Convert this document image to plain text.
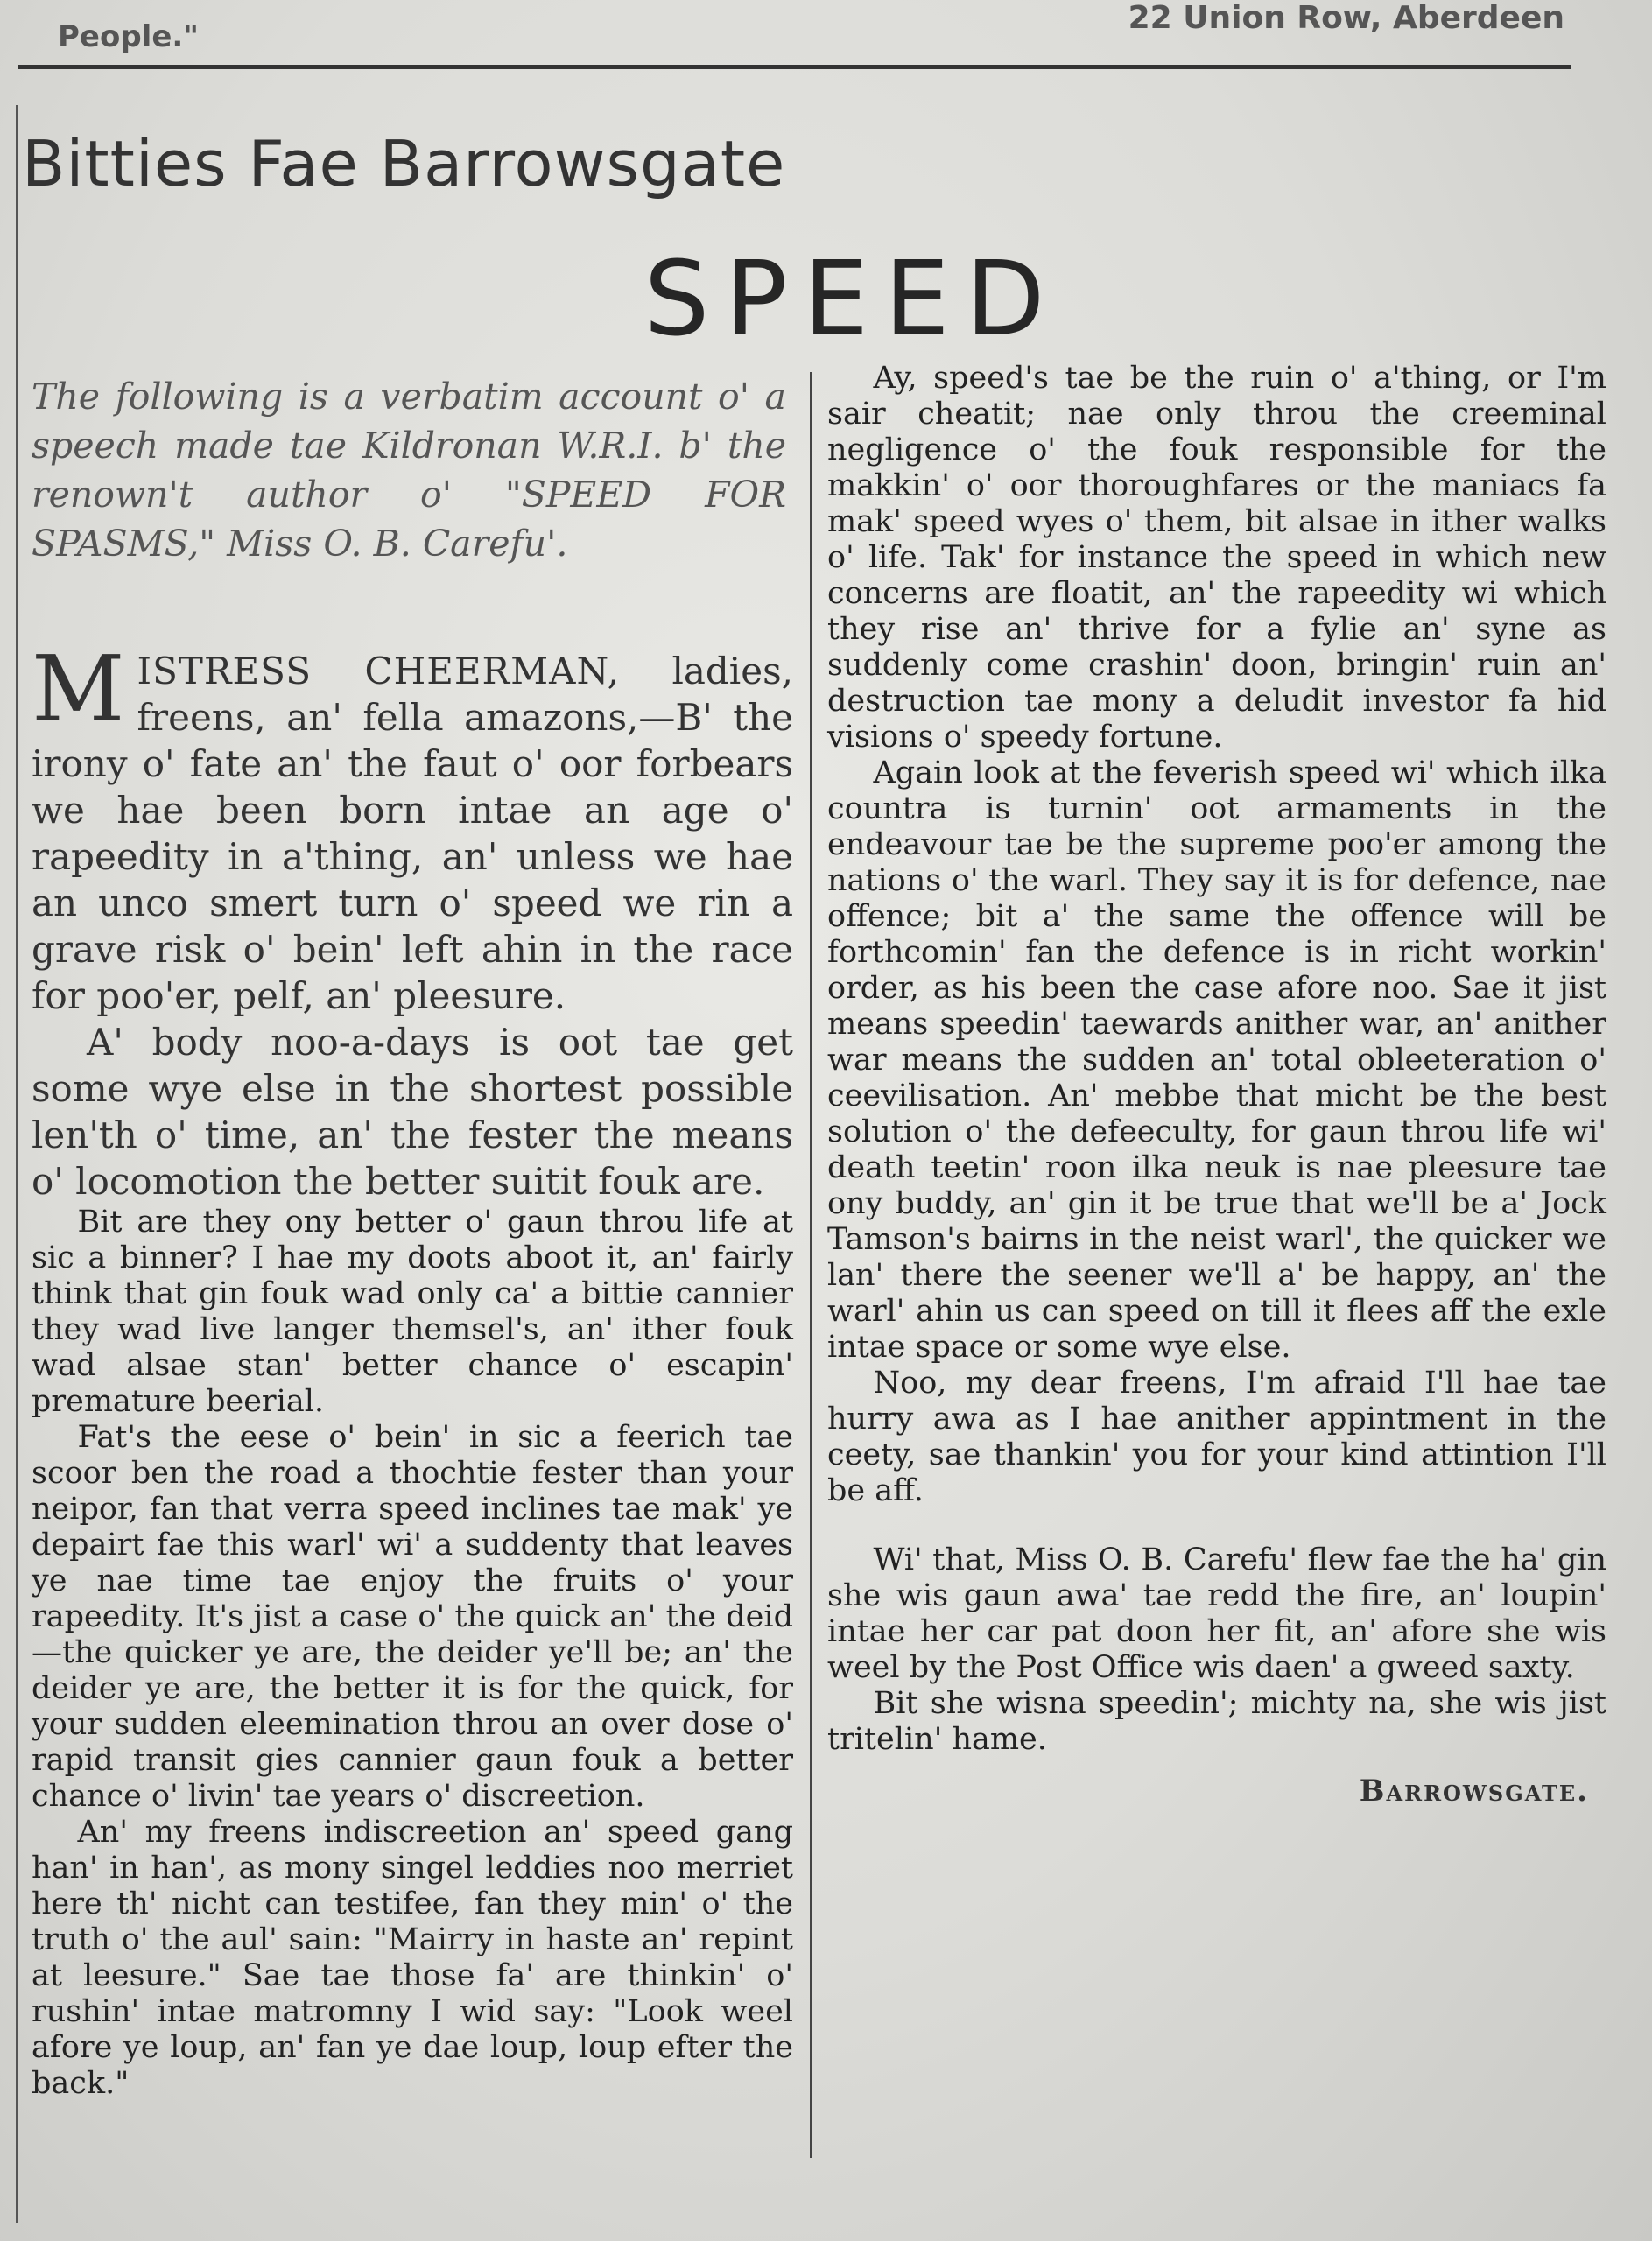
People."
22 Union Row, Aberdeen
Bitties Fae Barrowsgate
SPEED
The following is a verbatim account o' a speech made tae Kildronan W.R.I. b' the renown't author o' "SPEED FOR SPASMS," Miss O. B. Carefu'.

MISTRESS CHEERMAN, ladies, freens, an' fella amazons,—B' the irony o' fate an' the faut o' oor forbears we hae been born intae an age o' rapeedity in a'thing, an' unless we hae an unco smert turn o' speed we rin a grave risk o' bein' left ahin in the race for poo'er, pelf, an' pleesure.

A' body noo-a-days is oot tae get some wye else in the shortest possible len'th o' time, an' the fester the means o' locomotion the better suitit fouk are.

Bit are they ony better o' gaun throu life at sic a binner? I hae my doots aboot it, an' fairly think that gin fouk wad only ca' a bittie cannier they wad live langer themsel's, an' ither fouk wad alsae stan' better chance o' escapin' premature beerial.

Fat's the eese o' bein' in sic a feerich tae scoor ben the road a thochtie fester than your neipor, fan that verra speed inclines tae mak' ye depairt fae this warl' wi' a suddenty that leaves ye nae time tae enjoy the fruits o' your rapeedity. It's jist a case o' the quick an' the deid—the quicker ye are, the deider ye'll be; an' the deider ye are, the better it is for the quick, for your sudden eleemination throu an over dose o' rapid transit gies cannier gaun fouk a better chance o' livin' tae years o' discreetion.

An' my freens indiscreetion an' speed gang han' in han', as mony singel leddies noo merriet here th' nicht can testifee, fan they min' o' the truth o' the aul' sain: "Mairry in haste an' repint at leesure." Sae tae those fa' are thinkin' o' rushin' intae matromny I wid say: "Look weel afore ye loup, an' fan ye dae loup, loup efter the back."

Ay, speed's tae be the ruin o' a'thing, or I'm sair cheatit; nae only throu the creeminal negligence o' the fouk responsible for the makkin' o' oor thoroughfares or the maniacs fa mak' speed wyes o' them, bit alsae in ither walks o' life. Tak' for instance the speed in which new concerns are floatit, an' the rapeedity wi which they rise an' thrive for a fylie an' syne as suddenly come crashin' doon, bringin' ruin an' destruction tae mony a deludit investor fa hid visions o' speedy fortune.

Again look at the feverish speed wi' which ilka countra is turnin' oot armaments in the endeavour tae be the supreme poo'er among the nations o' the warl. They say it is for defence, nae offence; bit a' the same the offence will be forthcomin' fan the defence is in richt workin' order, as his been the case afore noo. Sae it jist means speedin' taewards anither war, an' anither war means the sudden an' total obleeteration o' ceevilisation. An' mebbe that micht be the best solution o' the defeeculty, for gaun throu life wi' death teetin' roon ilka neuk is nae pleesure tae ony buddy, an' gin it be true that we'll be a' Jock Tamson's bairns in the neist warl', the quicker we lan' there the seener we'll a' be happy, an' the warl' ahin us can speed on till it flees aff the exle intae space or some wye else.

Noo, my dear freens, I'm afraid I'll hae tae hurry awa as I hae anither appintment in the ceety, sae thankin' you for your kind attintion I'll be aff.

Wi' that, Miss O. B. Carefu' flew fae the ha' gin she wis gaun awa' tae redd the fire, an' loupin' intae her car pat doon her fit, an' afore she wis weel by the Post Office wis daen' a gweed saxty.

Bit she wisna speedin'; michty na, she wis jist tritelin' hame.

Barrowsgate.
